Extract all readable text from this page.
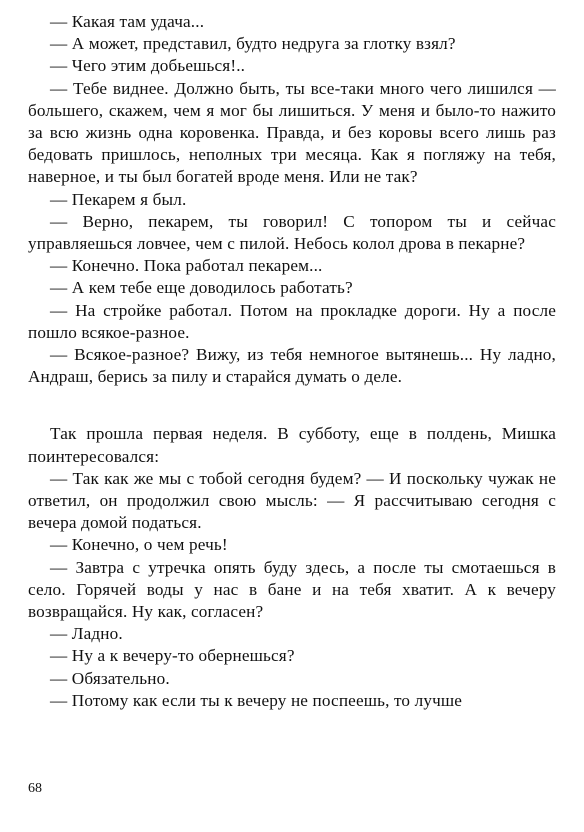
— Какая там удача...

— А может, представил, будто недруга за глотку взял?

— Чего этим добьешься!..

— Тебе виднее. Должно быть, ты все-таки много чего лишился — большего, скажем, чем я мог бы лишиться. У меня и было-то нажито за всю жизнь одна коровенка. Правда, и без коровы всего лишь раз бедовать пришлось, неполных три месяца. Как я погляжу на тебя, наверное, и ты был богатей вроде меня. Или не так?

— Пекарем я был.

— Верно, пекарем, ты говорил! С топором ты и сейчас управляешься ловчее, чем с пилой. Небось колол дрова в пекарне?

— Конечно. Пока работал пекарем...

— А кем тебе еще доводилось работать?

— На стройке работал. Потом на прокладке дороги. Ну а после пошло всякое-разное.

— Всякое-разное? Вижу, из тебя немногое вытянешь... Ну ладно, Андраш, берись за пилу и старайся думать о деле.

Так прошла первая неделя. В субботу, еще в полдень, Мишка поинтересовался:

— Так как же мы с тобой сегодня будем? — И поскольку чужак не ответил, он продолжил свою мысль: — Я рассчитываю сегодня с вечера домой податься.

— Конечно, о чем речь!

— Завтра с утречка опять буду здесь, а после ты смотаешься в село. Горячей воды у нас в бане и на тебя хватит. А к вечеру возвращайся. Ну как, согласен?

— Ладно.

— Ну а к вечеру-то обернешься?

— Обязательно.

— Потому как если ты к вечеру не поспеешь, то лучше

68
